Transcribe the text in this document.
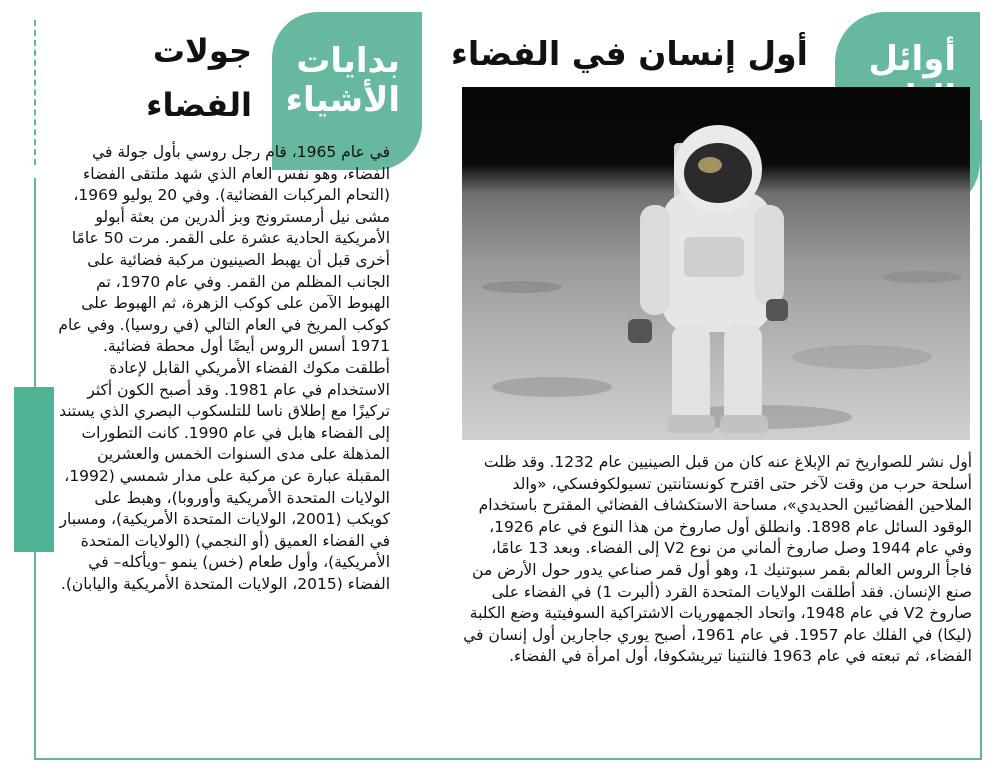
أوائل
بدايات الأشياء
أول إنسان في الفضاء
جولات الفضاء
أول نشر للصواريخ تم الإبلاغ عنه كان من قبل الصينيين عام 1232. وقد ظلت أسلحة حرب من وقت لآخر حتى اقترح كونستانتين تسيولكوفسكي، «والد الملاحين الفضائيين الحديدي»، مساحة الاستكشاف الفضائي المقترح باستخدام الوقود السائل عام 1898. وانطلق أول صاروخ من هذا النوع في عام 1926، وفي عام 1944 وصل صاروخ ألماني من نوع V2 إلى الفضاء. وبعد 13 عامًا، فاجأ الروس العالم بقمر سبوتنيك 1، وهو أول قمر صناعي يدور حول الأرض من صنع الإنسان. فقد أطلقت الولايات المتحدة القرد (ألبرت 1) في الفضاء على صاروخ V2 في عام 1948، واتحاد الجمهوريات الاشتراكية السوفيتية وضع الكلبة (ليكا) في الفلك عام 1957. في عام 1961، أصبح يوري جاجارين أول إنسان في الفضاء، ثم تبعته في عام 1963 فالنتينا تيريشكوفا، أول امرأة في الفضاء.
في عام 1965، قام رجل روسي بأول جولة في الفضاء، وهو نفس العام الذي شهد ملتقى الفضاء (التحام المركبات الفضائية). وفي 20 يوليو 1969، مشى نيل أرمسترونج وبز ألدرين من بعثة أبولو الأمريكية الحادية عشرة على القمر. مرت 50 عامًا أخرى قبل أن يهبط الصينيون مركبة فضائية على الجانب المظلم من القمر. وفي عام 1970، تم الهبوط الآمن على كوكب الزهرة، ثم الهبوط على كوكب المريخ في العام التالي (في روسيا). وفي عام 1971 أسس الروس أيضًا أول محطة فضائية. أطلقت مكوك الفضاء الأمريكي القابل لإعادة الاستخدام في عام 1981. وقد أصبح الكون أكثر تركيزًا مع إطلاق ناسا للتلسكوب البصري الذي يستند إلى الفضاء هابل في عام 1990. كانت التطورات المذهلة على مدى السنوات الخمس والعشرين المقبلة عبارة عن مركبة على مدار شمسي (1992، الولايات المتحدة الأمريكية وأوروبا)، وهبط على كويكب (2001، الولايات المتحدة الأمريكية)، ومسبار في الفضاء العميق (أو النجمي) (الولايات المتحدة الأمريكية)، وأول طعام (خس) ينمو –ويأكله– في الفضاء (2015، الولايات المتحدة الأمريكية واليابان).
